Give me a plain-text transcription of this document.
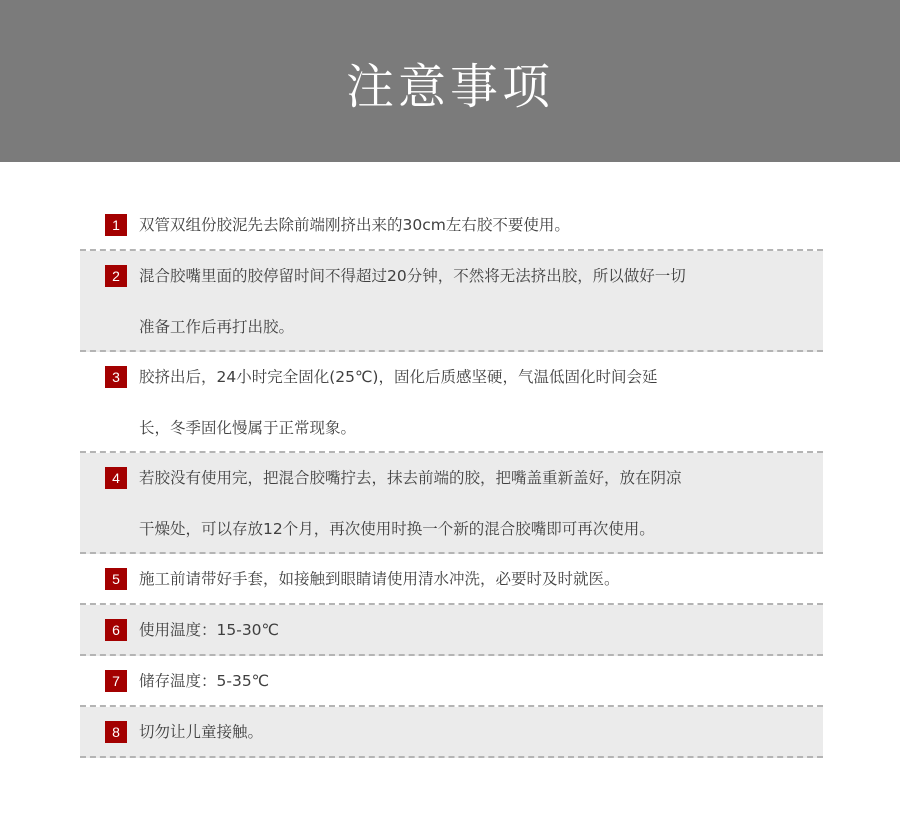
注意事项
1	双管双组份胶泥先去除前端刚挤出来的30cm左右胶不要使用。
2	混合胶嘴里面的胶停留时间不得超过20分钟，不然将无法挤出胶，所以做好一切
准备工作后再打出胶。
3	胶挤出后，24小时完全固化(25℃)，固化后质感坚硬，气温低固化时间会延
长，冬季固化慢属于正常现象。
4	若胶没有使用完，把混合胶嘴拧去，抹去前端的胶，把嘴盖重新盖好，放在阴凉
干燥处，可以存放12个月，再次使用时换一个新的混合胶嘴即可再次使用。
5	施工前请带好手套，如接触到眼睛请使用清水冲洗，必要时及时就医。
6	使用温度：15-30℃
7	储存温度：5-35℃
8	切勿让儿童接触。
